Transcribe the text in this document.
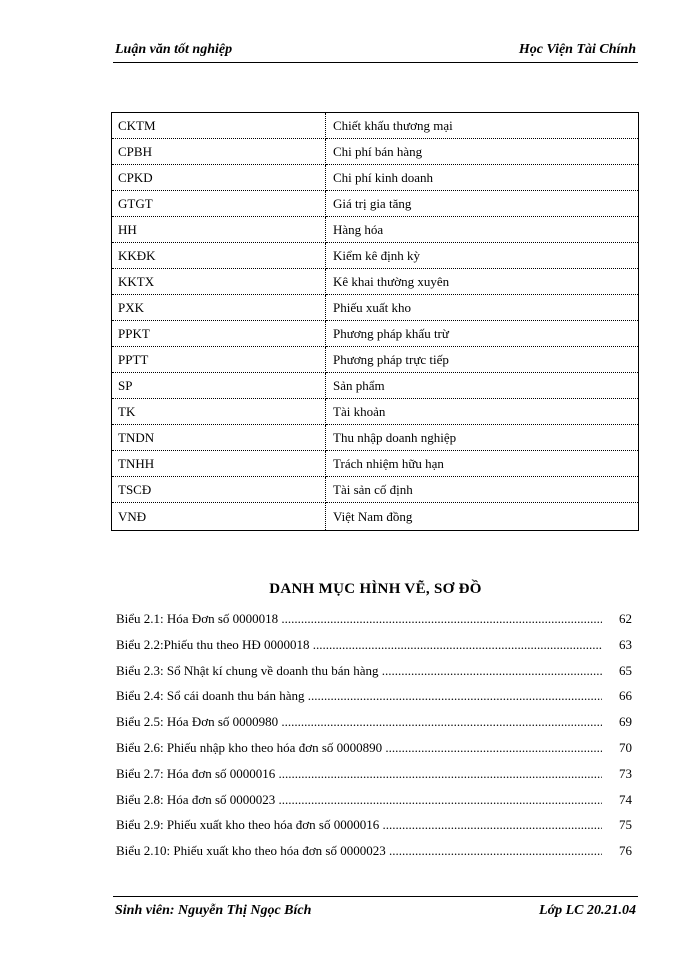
Luận văn tốt nghiệp	Học Viện Tài Chính
CKTM	Chiết khấu thương mại
CPBH	Chi phí bán hàng
CPKD	Chi phí kinh doanh
GTGT	Giá trị gia tăng
HH	Hàng hóa
KKĐK	Kiểm kê định kỳ
KKTX	Kê khai thường xuyên
PXK	Phiếu xuất kho
PPKT	Phương pháp khấu trừ
PPTT	Phương pháp trực tiếp
SP	Sản phẩm
TK	Tài khoản
TNDN	Thu nhập doanh nghiệp
TNHH	Trách nhiệm hữu hạn
TSCĐ	Tài sản cố định
VNĐ	Việt Nam đồng
DANH MỤC HÌNH VẼ, SƠ ĐỒ
Biểu 2.1: Hóa Đơn số 0000018 .....	62
Biểu 2.2:Phiếu thu theo HĐ 0000018 .....	63
Biểu 2.3: Sổ Nhật kí chung về doanh thu bán hàng .....	65
Biểu 2.4: Sổ cái doanh thu bán hàng .....	66
Biểu 2.5: Hóa Đơn số 0000980 .....	69
Biểu 2.6: Phiếu nhập kho theo hóa đơn số 0000890 .....	70
Biểu 2.7: Hóa đơn số 0000016 .....	73
Biểu 2.8: Hóa đơn số 0000023 .....	74
Biểu 2.9: Phiếu xuất kho theo hóa đơn số 0000016 .....	75
Biểu 2.10: Phiếu xuất kho theo hóa đơn số 0000023 .....	76
Sinh viên: Nguyễn Thị Ngọc Bích	Lớp LC 20.21.04
